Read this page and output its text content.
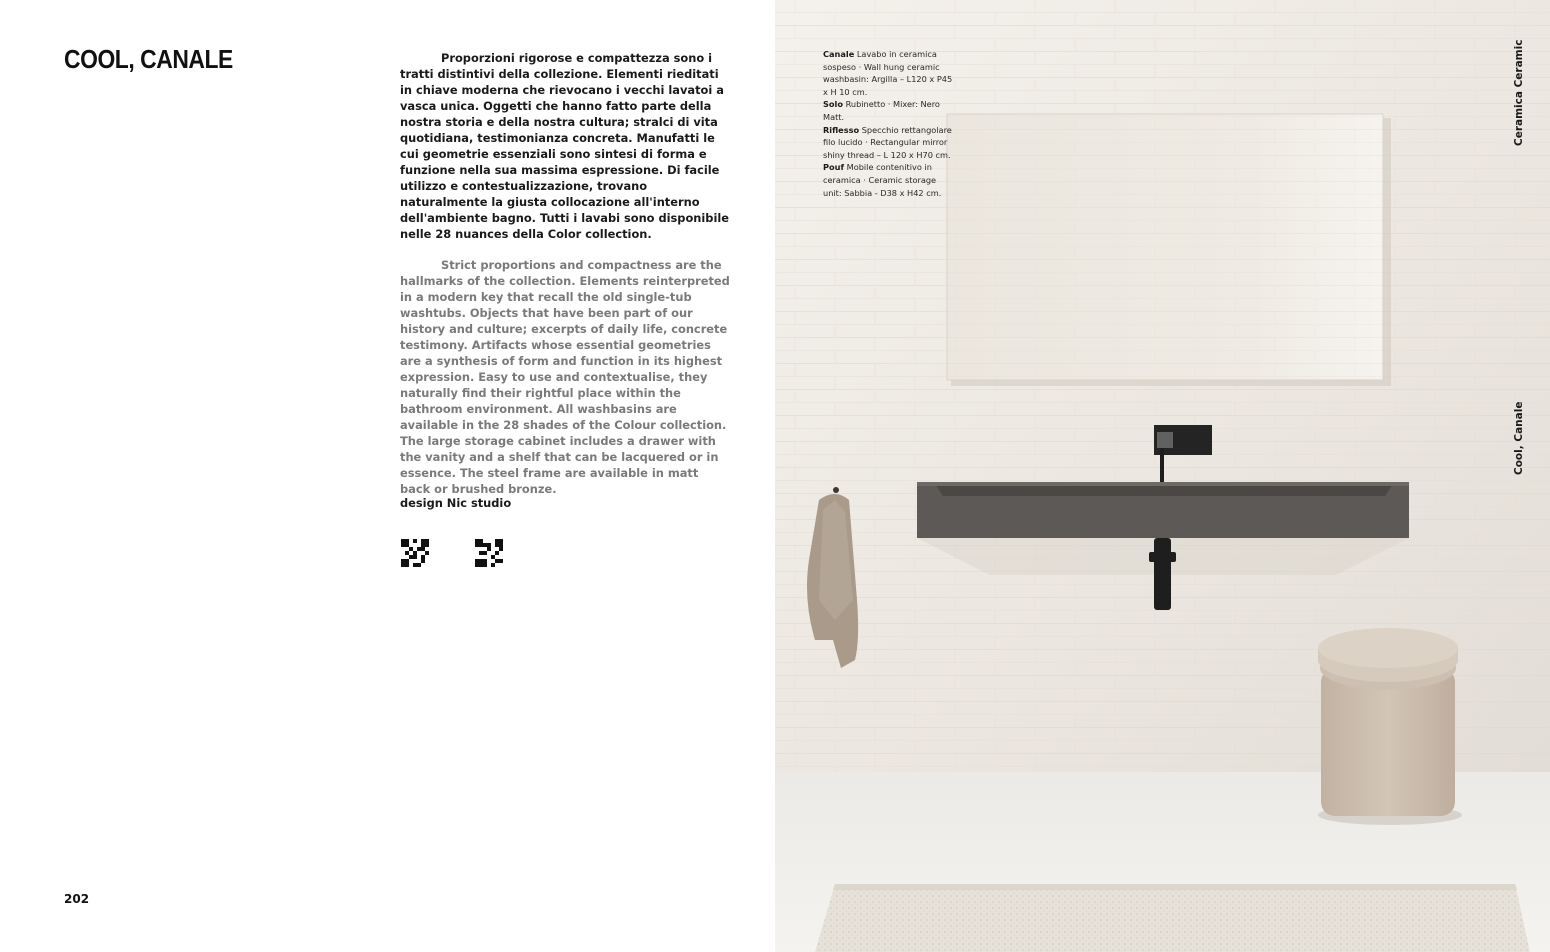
COOL, CANALE	Proporzioni rigorose e compattezza sono i tratti distintivi della collezione. Elementi rieditati in chiave moderna che rievocano i vecchi lavatoi a vasca unica. Oggetti che hanno fatto parte della nostra storia e della nostra cultura; stralci di vita quotidiana, testimonianza concreta. Manufatti le cui geometrie essenziali sono sintesi di forma e funzione nella sua massima espressione. Di facile utilizzo e contestualizzazione, trovano naturalmente la giusta collocazione all'interno dell'ambiente bagno. Tutti i lavabi sono disponibile nelle 28 nuances della Color collection.

Strict proportions and compactness are the hallmarks of the collection. Elements reinterpreted in a modern key that recall the old single-tub washtubs. Objects that have been part of our history and culture; excerpts of daily life, concrete testimony. Artifacts whose essential geometries are a synthesis of form and function in its highest expression. Easy to use and contextualise, they naturally find their rightful place within the bathroom environment. All washbasins are available in the 28 shades of the Colour collection. The large storage cabinet includes a drawer with the vanity and a shelf that can be lacquered or in essence. The steel frame are available in matt back or brushed bronze.

design Nic studio

202

Canale Lavabo in ceramica sospeso · Wall hung ceramic washbasin: Argilla – L120 x P45 x H 10 cm.
Solo Rubinetto · Mixer: Nero Matt.
Riflesso Specchio rettangolare filo lucido · Rectangular mirror shiny thread – L 120 x H70 cm.
Pouf Mobile contenitivo in ceramica · Ceramic storage unit: Sabbia - D38 x H42 cm.
Ceramica Ceramic
Cool, Canale
